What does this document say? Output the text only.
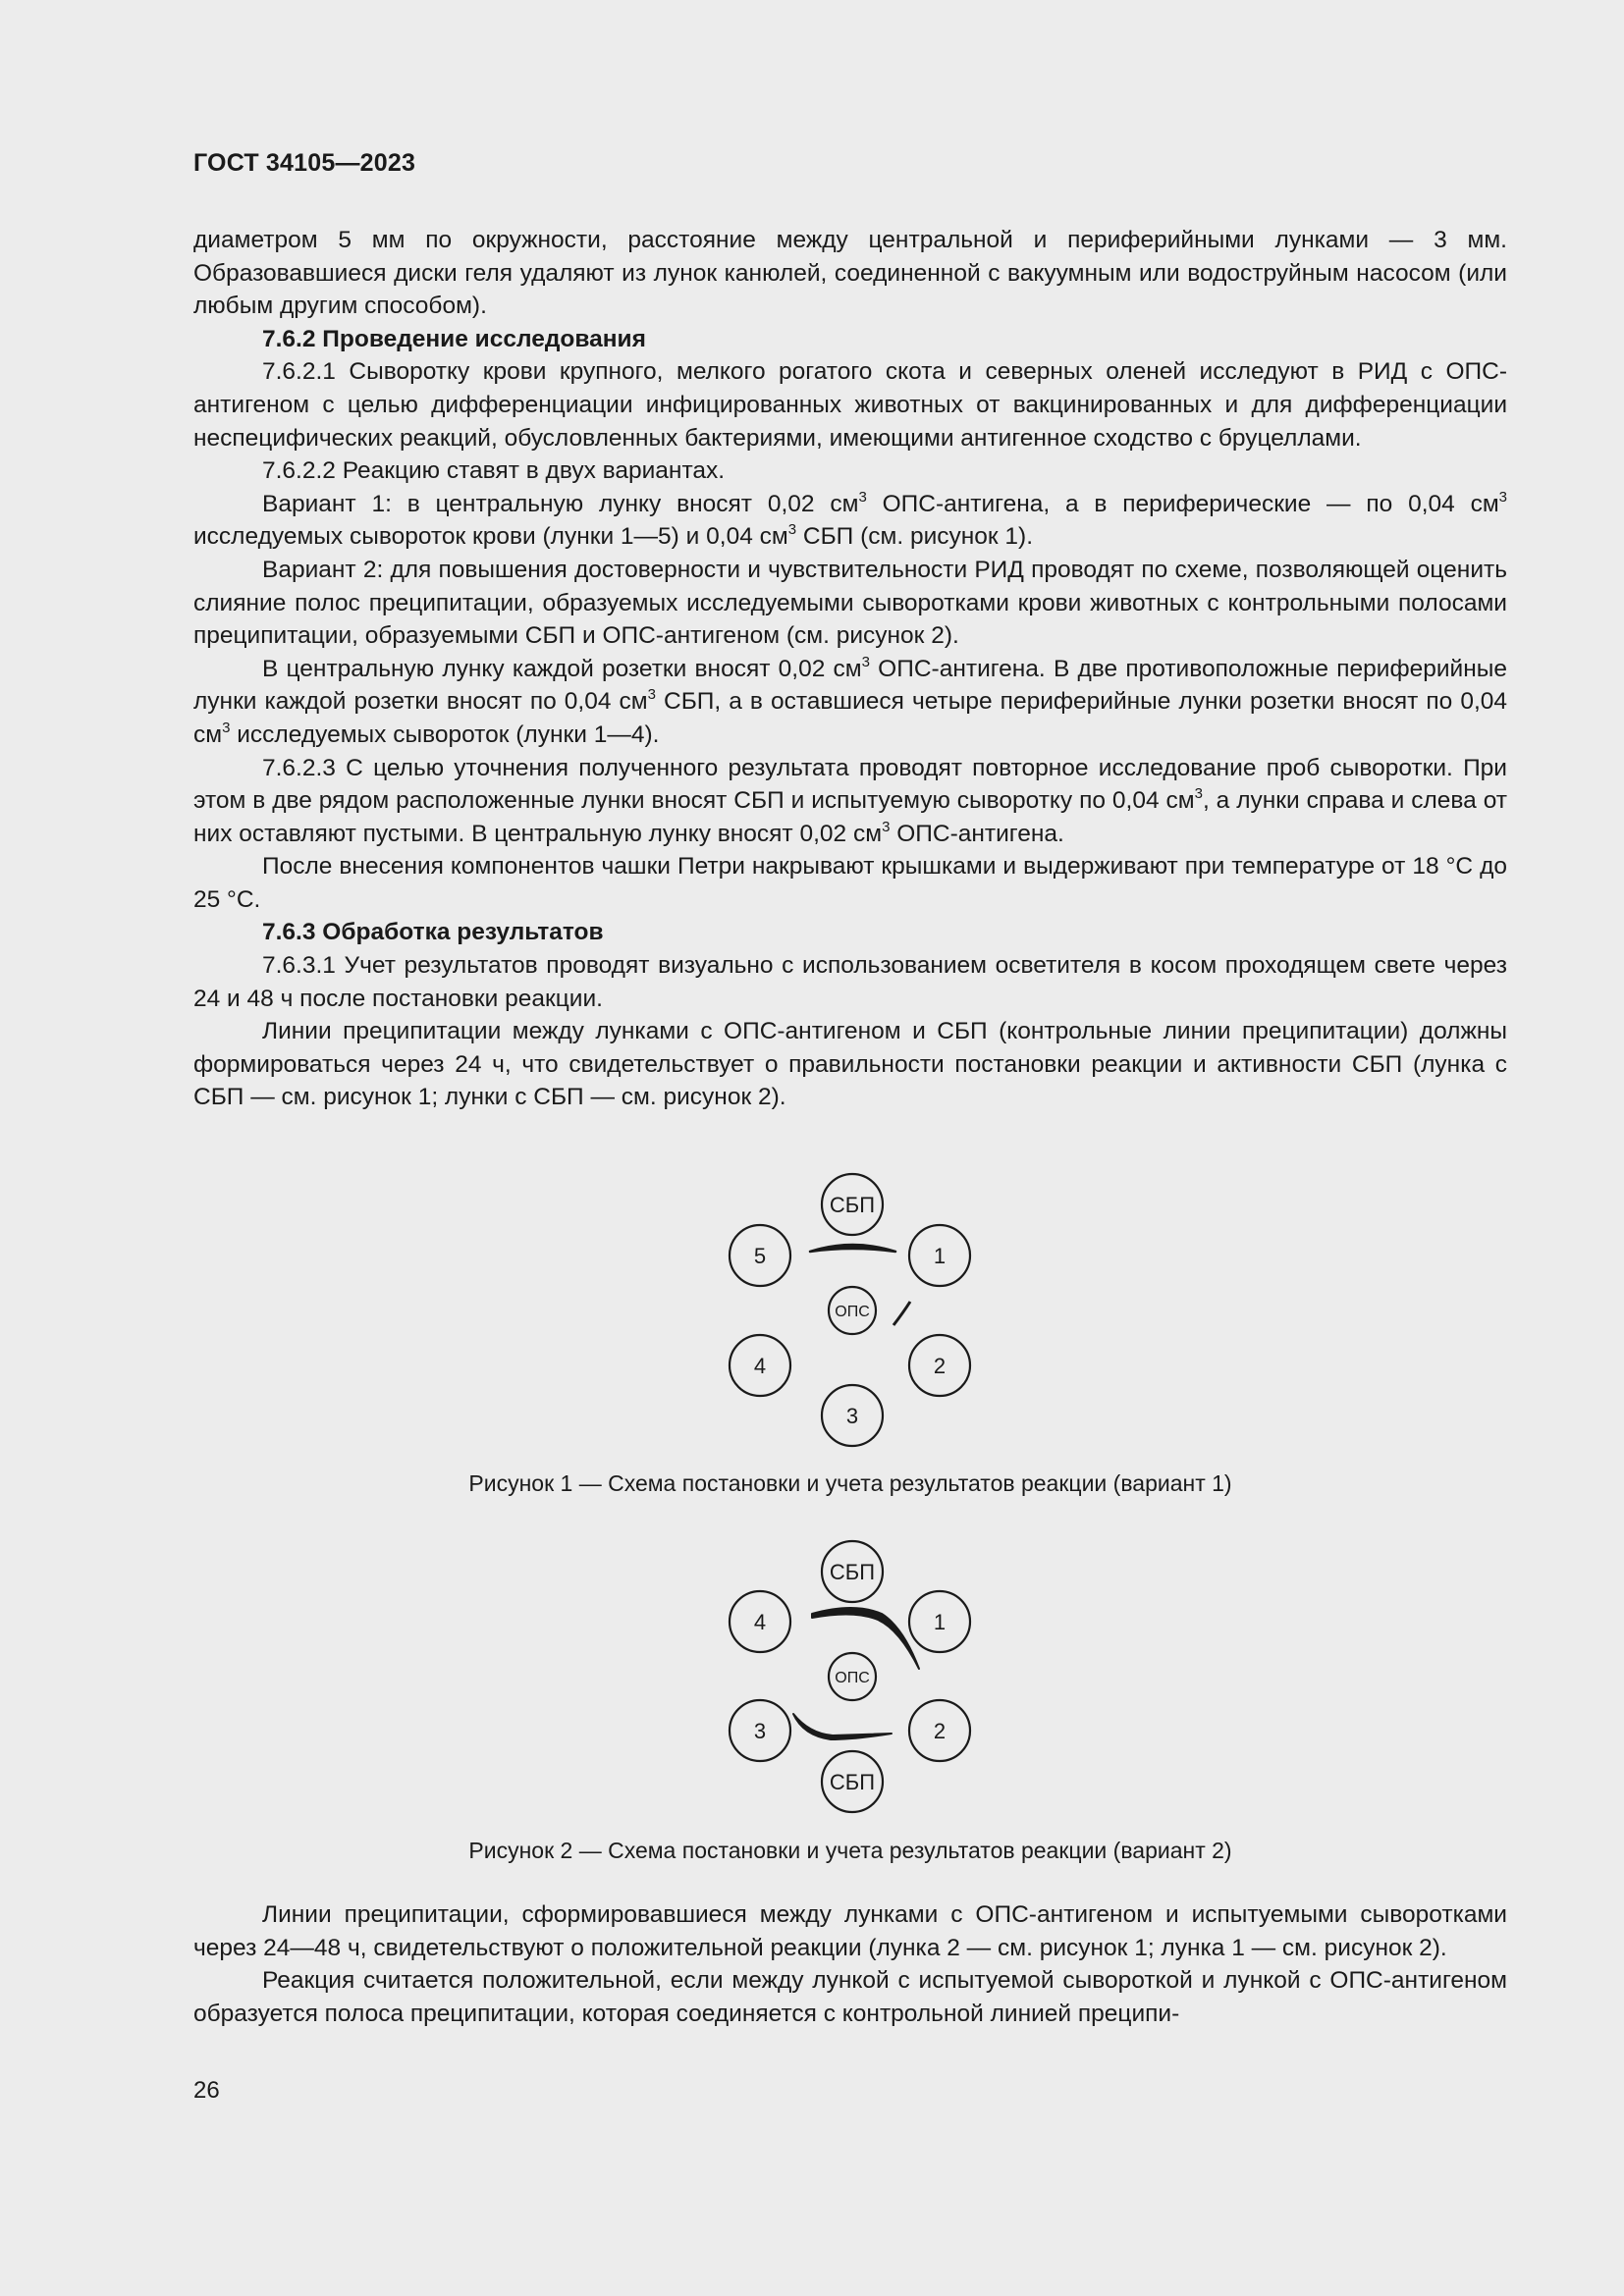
ГОСТ 34105—2023

диаметром 5 мм по окружности, расстояние между центральной и периферийными лунками — 3 мм. Образовавшиеся диски геля удаляют из лунок канюлей, соединенной с вакуумным или водоструйным насосом (или любым другим способом).

7.6.2 Проведение исследования

7.6.2.1 Сыворотку крови крупного, мелкого рогатого скота и северных оленей исследуют в РИД с ОПС-антигеном с целью дифференциации инфицированных животных от вакцинированных и для дифференциации неспецифических реакций, обусловленных бактериями, имеющими антигенное сходство с бруцеллами.

7.6.2.2 Реакцию ставят в двух вариантах.

Вариант 1: в центральную лунку вносят 0,02 $см^3$ ОПС-антигена, а в периферические — по 0,04 $см^3$ исследуемых сывороток крови (лунки 1—5) и 0,04 $см^3$ СБП (см. рисунок 1).

Вариант 2: для повышения достоверности и чувствительности РИД проводят по схеме, позволяющей оценить слияние полос преципитации, образуемых исследуемыми сыворотками крови животных с контрольными полосами преципитации, образуемыми СБП и ОПС-антигеном (см. рисунок 2).

В центральную лунку каждой розетки вносят 0,02 $см^3$ ОПС-антигена. В две противоположные периферийные лунки каждой розетки вносят по 0,04 $см^3$ СБП, а в оставшиеся четыре периферийные лунки розетки вносят по 0,04 $см^3$ исследуемых сывороток (лунки 1—4).

7.6.2.3 С целью уточнения полученного результата проводят повторное исследование проб сыворотки. При этом в две рядом расположенные лунки вносят СБП и испытуемую сыворотку по 0,04 $см^3$, а лунки справа и слева от них оставляют пустыми. В центральную лунку вносят 0,02 $см^3$ ОПС-антигена.

После внесения компонентов чашки Петри накрывают крышками и выдерживают при температуре от 18 °С до 25 °С.

7.6.3 Обработка результатов

7.6.3.1 Учет результатов проводят визуально с использованием осветителя в косом проходящем свете через 24 и 48 ч после постановки реакции.

Линии преципитации между лунками с ОПС-антигеном и СБП (контрольные линии преципитации) должны формироваться через 24 ч, что свидетельствует о правильности постановки реакции и активности СБП (лунка с СБП — см. рисунок 1; лунки с СБП — см. рисунок 2).

СБП
1
2
3
4
5
ОПС
Рисунок 1 — Схема постановки и учета результатов реакции (вариант 1)
СБП
1
2
3
4
СБП
ОПС
Рисунок 2 — Схема постановки и учета результатов реакции (вариант 2)

Линии преципитации, сформировавшиеся между лунками с ОПС-антигеном и испытуемыми сыворотками через 24—48 ч, свидетельствуют о положительной реакции (лунка 2 — см. рисунок 1; лунка 1 — см. рисунок 2).

Реакция считается положительной, если между лункой с испытуемой сывороткой и лункой с ОПС-антигеном образуется полоса преципитации, которая соединяется с контрольной линией преципи-

26
